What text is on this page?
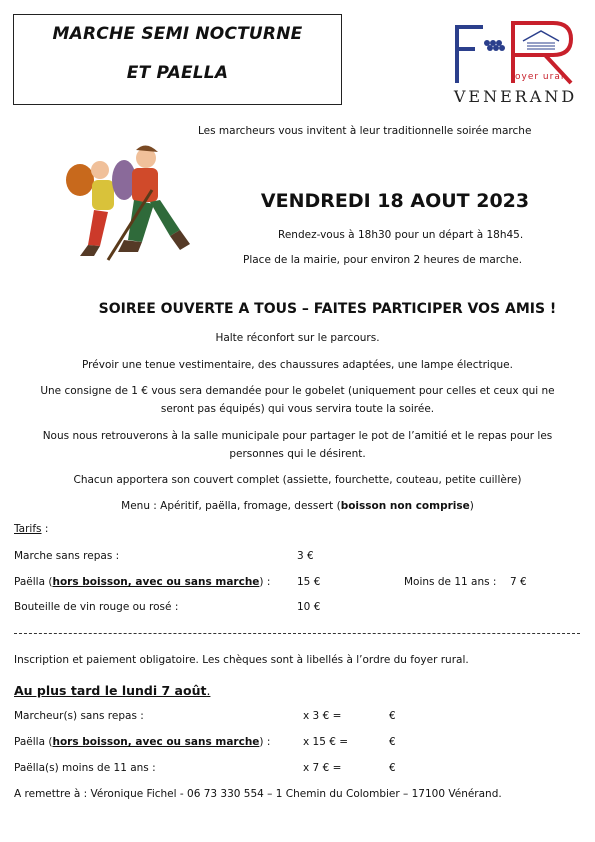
MARCHE SEMI NOCTURNE
ET PAELLA	oyer ural
VENERAND
Les marcheurs vous invitent à leur traditionnelle soirée marche
VENDREDI 18 AOUT 2023
Rendez-vous à 18h30 pour un départ à 18h45.
Place de la mairie, pour environ 2 heures de marche.
SOIREE OUVERTE A TOUS – FAITES PARTICIPER VOS AMIS !
Halte réconfort sur le parcours.
Prévoir une tenue vestimentaire, des chaussures adaptées, une lampe électrique.
Une consigne de 1 € vous sera demandée pour le gobelet (uniquement pour celles et ceux qui ne
seront pas équipés) qui vous servira toute la soirée.
Nous nous retrouverons à la salle municipale pour partager le pot de l’amitié et le repas pour les
personnes qui le désirent.
Chacun apportera son couvert complet (assiette, fourchette, couteau, petite cuillère)
Menu : Apéritif, paëlla, fromage, dessert (boisson non comprise)
Tarifs :
Marche sans repas :	3 €
Paëlla (hors boisson, avec ou sans marche) :	15 €	Moins de 11 ans : 7 €
Bouteille de vin rouge ou rosé :	10 €
Inscription et paiement obligatoire. Les chèques sont à libellés à l’ordre du foyer rural.
Au plus tard le lundi 7 août.
Marcheur(s) sans repas :	x 3 € =	€
Paëlla (hors boisson, avec ou sans marche) :	x 15 € =	€
Paëlla(s) moins de 11 ans :	x 7 € =	€
A remettre à : Véronique Fichel - 06 73 330 554 – 1 Chemin du Colombier – 17100 Vénérand.
